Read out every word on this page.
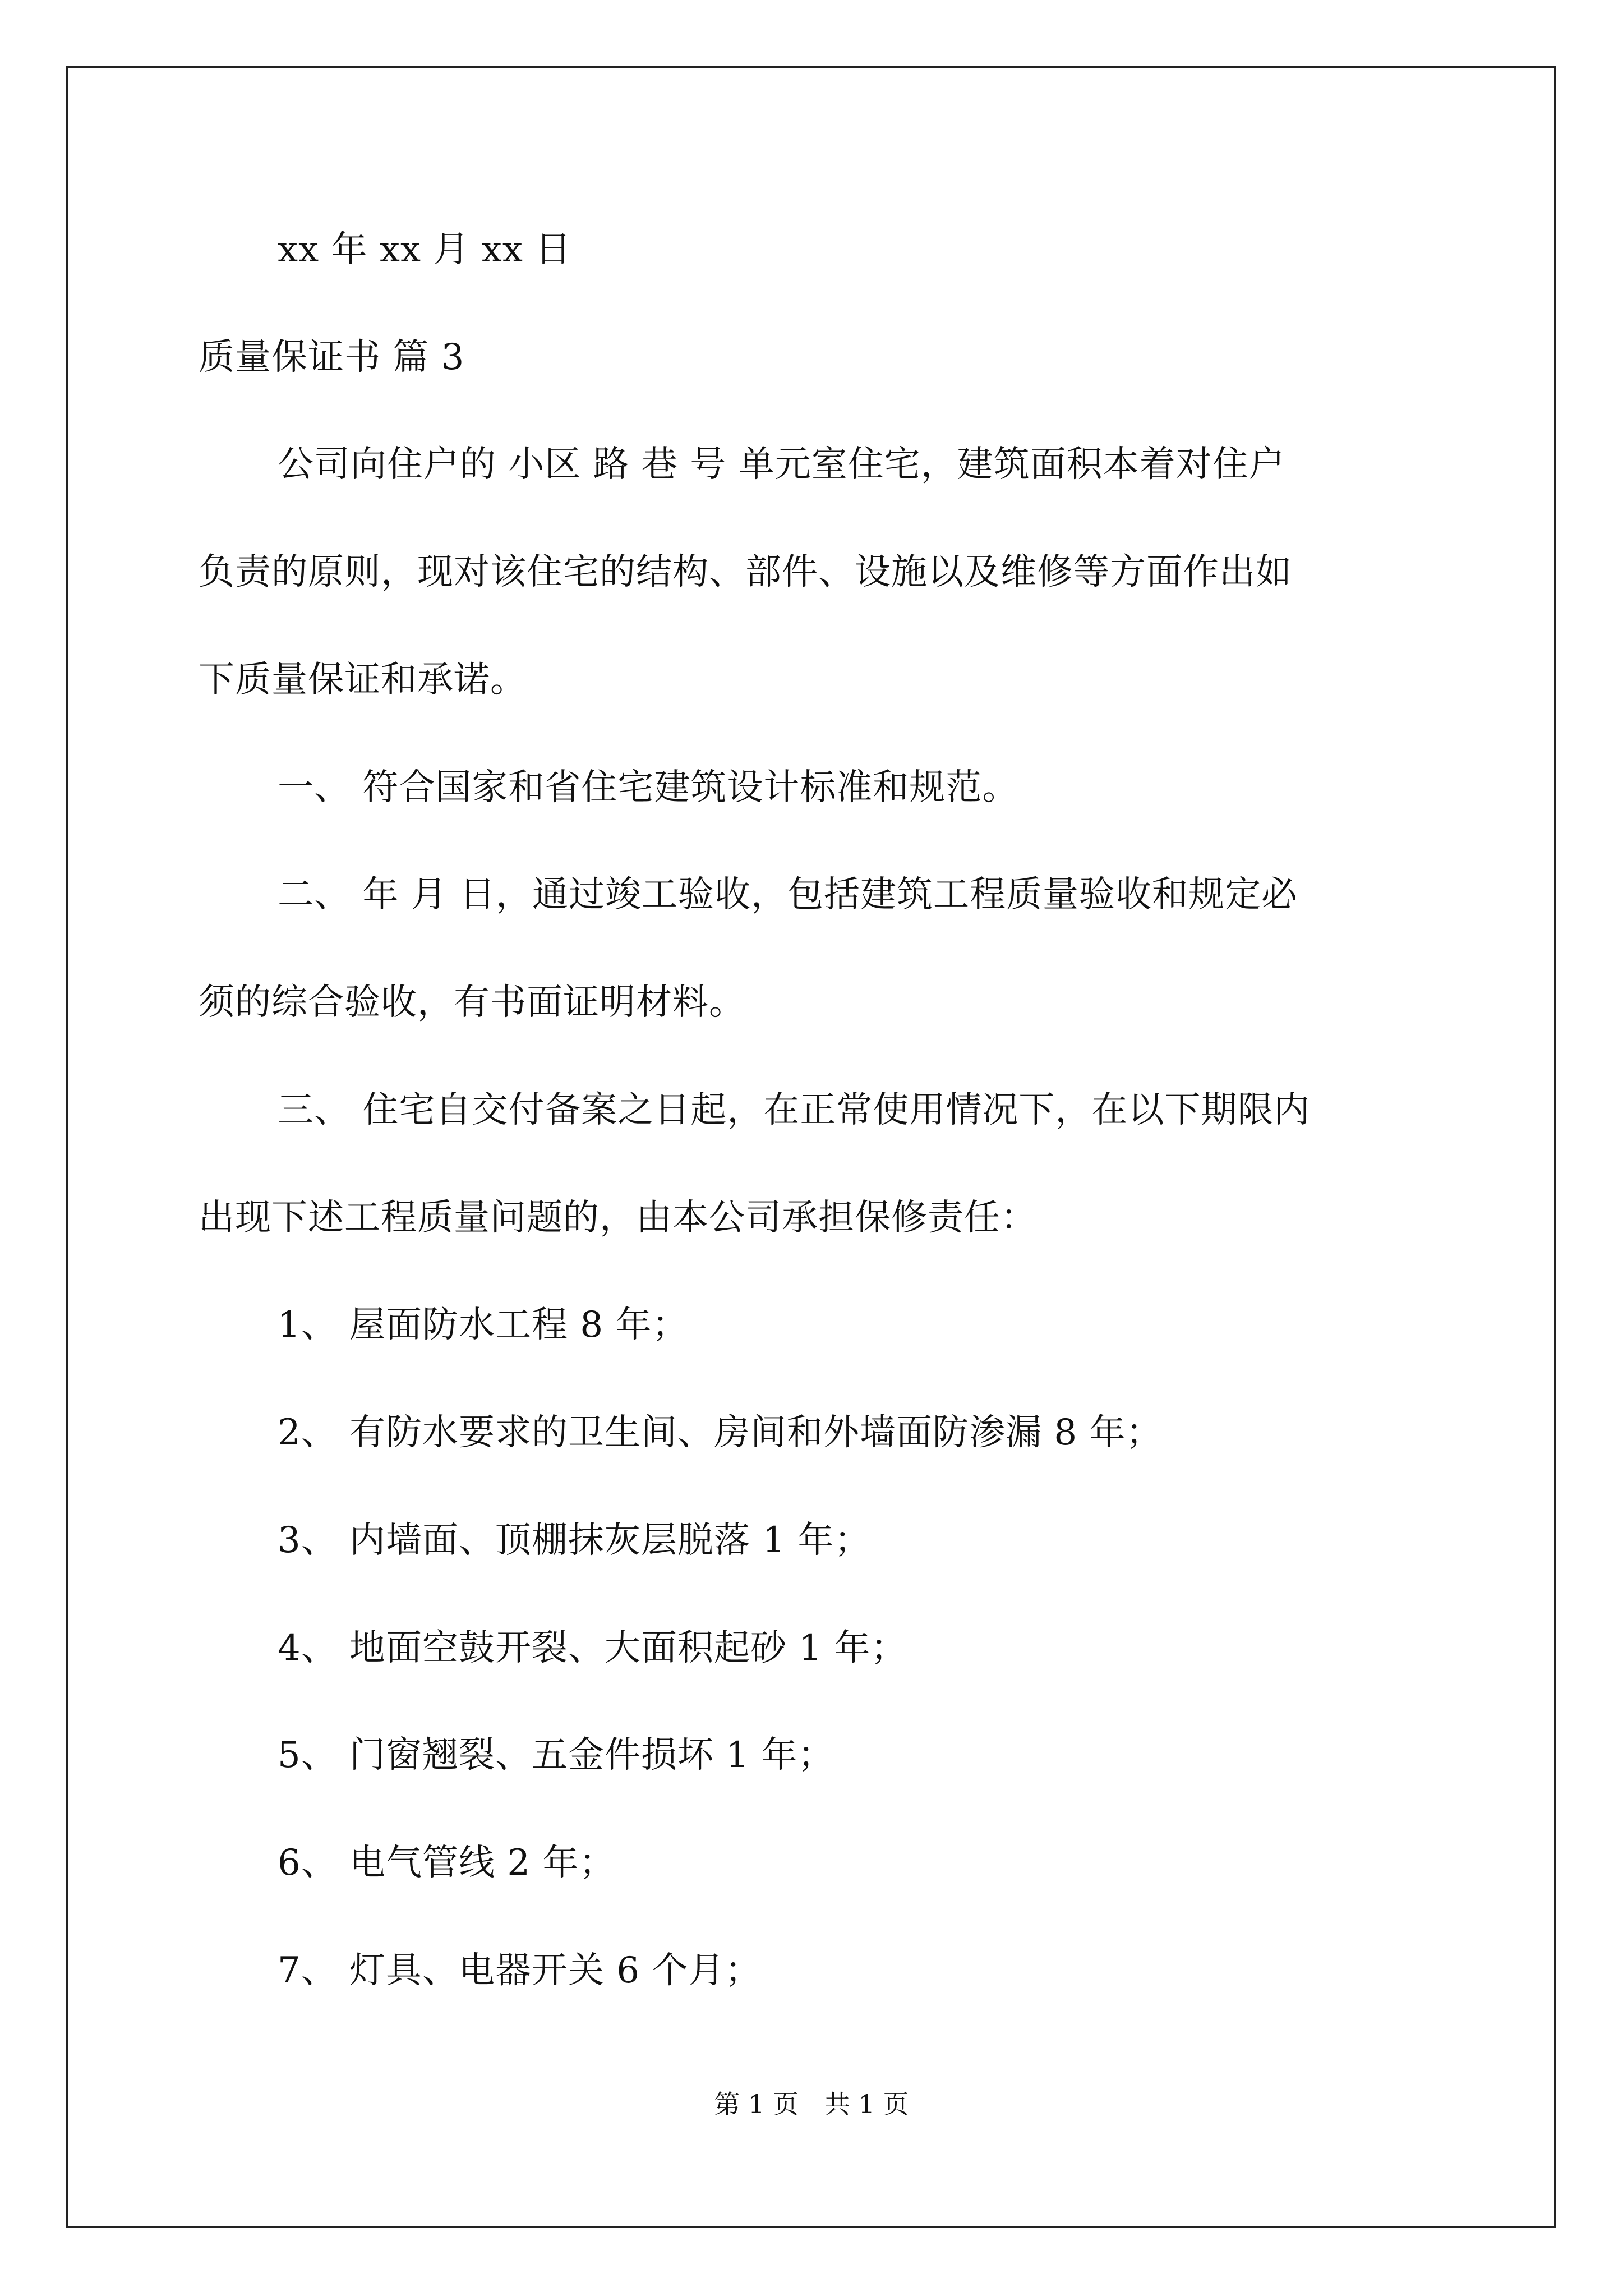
xx 年 xx 月 xx 日
质量保证书 篇 3
公司向住户的 小区 路 巷 号 单元室住宅，建筑面积本着对住户
负责的原则，现对该住宅的结构、部件、设施以及维修等方面作出如
下质量保证和承诺。
一、 符合国家和省住宅建筑设计标准和规范。
二、 年 月 日，通过竣工验收，包括建筑工程质量验收和规定必
须的综合验收，有书面证明材料。
三、 住宅自交付备案之日起，在正常使用情况下，在以下期限内
出现下述工程质量问题的，由本公司承担保修责任：
1、 屋面防水工程 8 年；
2、 有防水要求的卫生间、房间和外墙面防渗漏 8 年；
3、 内墙面、顶棚抹灰层脱落 1 年；
4、 地面空鼓开裂、大面积起砂 1 年；
5、 门窗翘裂、五金件损坏 1 年；
6、 电气管线 2 年；
7、 灯具、电器开关 6 个月；
第 1 页　共 1 页
